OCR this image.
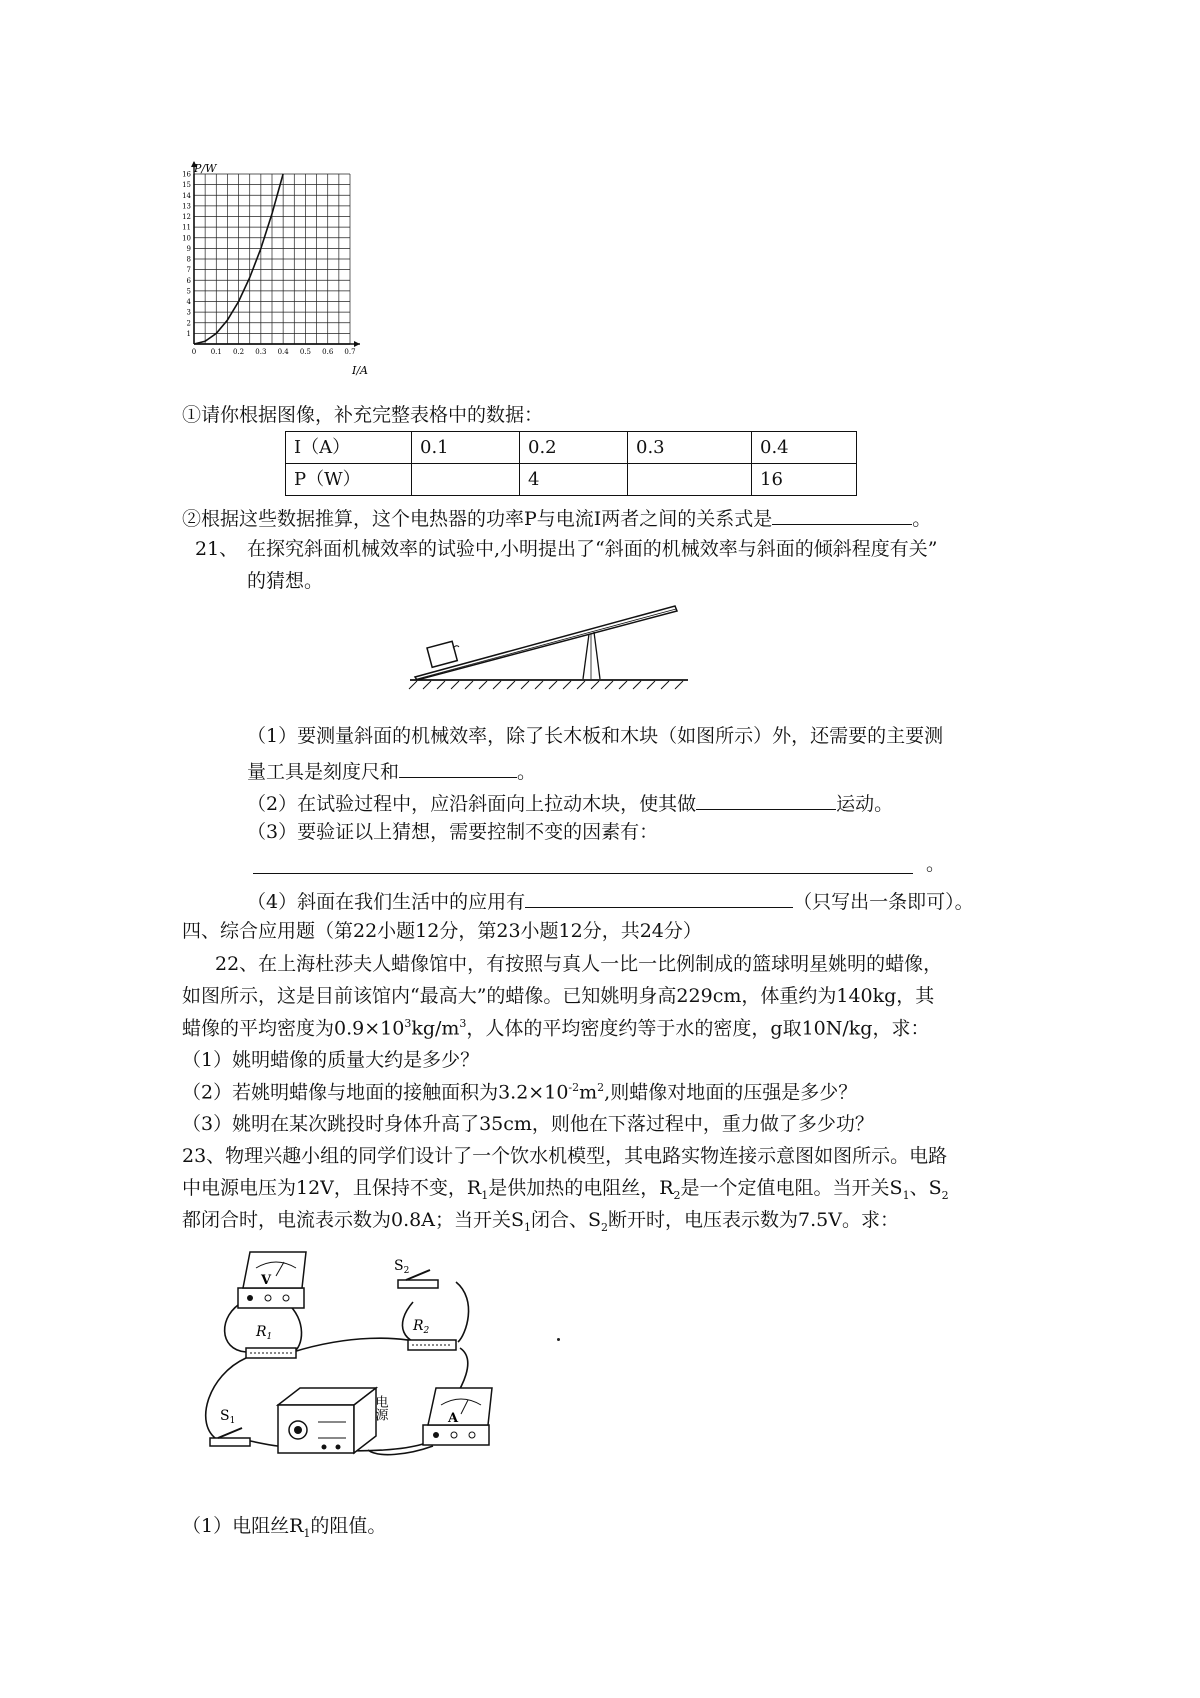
1
2
3
4
5
6
7
8
9
10
11
12
13
14
15
16
0 0.1 0.2 0.3 0.4 0.5 0.6 0.7
P/W
I/A
①请你根据图像，补充完整表格中的数据：
I（A）	0.1	0.2	0.3	0.4
P（W）		4		16
②根据这些数据推算，这个电热器的功率P与电流I两者之间的关系式是	。
21、 在探究斜面机械效率的试验中,小明提出了“斜面的机械效率与斜面的倾斜程度有关”
的猜想。
（1）要测量斜面的机械效率，除了长木板和木块（如图所示）外，还需要的主要测
量工具是刻度尺和	。
（2）在试验过程中，应沿斜面向上拉动木块，使其做	运动。
（3）要验证以上猜想，需要控制不变的因素有：
。
（4）斜面在我们生活中的应用有	（只写出一条即可）。
四、综合应用题（第22小题12分，第23小题12分，共24分）
22、在上海杜莎夫人蜡像馆中，有按照与真人一比一比例制成的篮球明星姚明的蜡像，
如图所示，这是目前该馆内“最高大”的蜡像。已知姚明身高229cm，体重约为140kg，其
蜡像的平均密度为$0.9\times 10^3kg/m^3$，人体的平均密度约等于水的密度，g取10N/kg，求：
（1）姚明蜡像的质量大约是多少？
（2）若姚明蜡像与地面的接触面积为$3.2\times 10^{-2}m^2$,则蜡像对地面的压强是多少？
（3）姚明在某次跳投时身体升高了35cm，则他在下落过程中，重力做了多少功？
23、物理兴趣小组的同学们设计了一个饮水机模型，其电路实物连接示意图如图所示。电路
中电源电压为12V，且保持不变，$R_1$是供加热的电阻丝，$R_2$是一个定值电阻。当开关$S_1$、$S_2$
都闭合时，电流表示数为0.8A；当开关$S_1$闭合、$S_2$断开时，电压表示数为7.5V。求：
V
$R_1$
$S_2$
$R_2$
A
电源
$S_1$
（1）电阻丝$R_1$的阻值。
